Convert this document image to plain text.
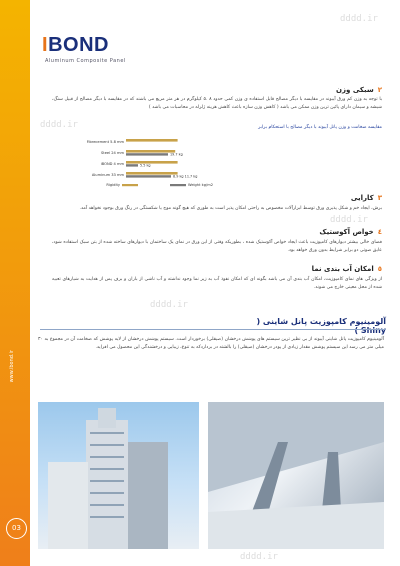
www.ibond.ir
03
IBOND
Aluminum Composite Panel
dddd.ir
dddd.ir
dddd.ir
dddd.ir
dddd.ir
٢سبکی وزن
با توجه به وزن کم ورق آیبوند در مقایسه با دیگر مصالح قابل استفاده ی وزن کمی حدود ۸ .۵ کیلوگرم در هر متر مربع می باشند که در مقایسه با دیگر مصالح از قبیل سنگ، شیشه و سیمان دارای پائین ترین وزن ممکن می باشد ( کاهش وزن سازه باعث کاهش هزینه ژلزله در محاسبات می باشد )
مقایسه ضخامت و وزن پانل آیبوند با دیگر مصالح با استحکام برابر
Fibrecement 5.8 mm
Steel 24 mm	19.7 kg
iBOND 4 mm	5.5 kg
Aluminum 33 mm	8.9 kg 11.7 kg
Rigidity	Weight kg/m2
٣کارایی
برش، ایجاد خم و شکل پذیری ورق توسط ابزارآلات مخصوص به راحتی امکان پذیر است به طوری که هیچ گونه موج یا شکستگی در رنگ ورق بوجود نخواهد آمد.
٤خواص آکوستیک
فضای خالی بیشتر دیوارهای کامپوزیت باعث ایجاد خواص آکوستیک شده ، بطوریکه وقتی از این ورق در نمای یک ساختمان با دیوارهای ساخته شده از بتن سبک استفاده شود، عایق صوتی دو برابر شرایط بدون ورق خواهد بود.
٥امکان آب بندی نما
از ویژگی های نمای کامپوزیت، امکان آب بندی آن می باشد بگونه ای که امکان نفوذ آب به زیر نما وجود نداشته و آب ناشی از باران و برف پس از هدایت به شیارهای تعبیه شده از محل معینی خارج می شوند.
آلومینیوم کامپوزیت پانل شاینی ( Shiny )
آلومینیوم کامپوزیت پانل شاینی آیبوند از بی نظیر ترین سیستم های پوشش درخشان (صیقلی) برخوردار است. سیستم پوشش درخشان از لایه پوشش که ضخامت آن در مجموع به ۳۰ میلی متر می رسد این سیستم پوشش مقدار زیادی از پودر درخشان (صیقلی) را بالشته در برداردکه به تنوع، زیبایی و درخشندگی این محصول می افزاید.
